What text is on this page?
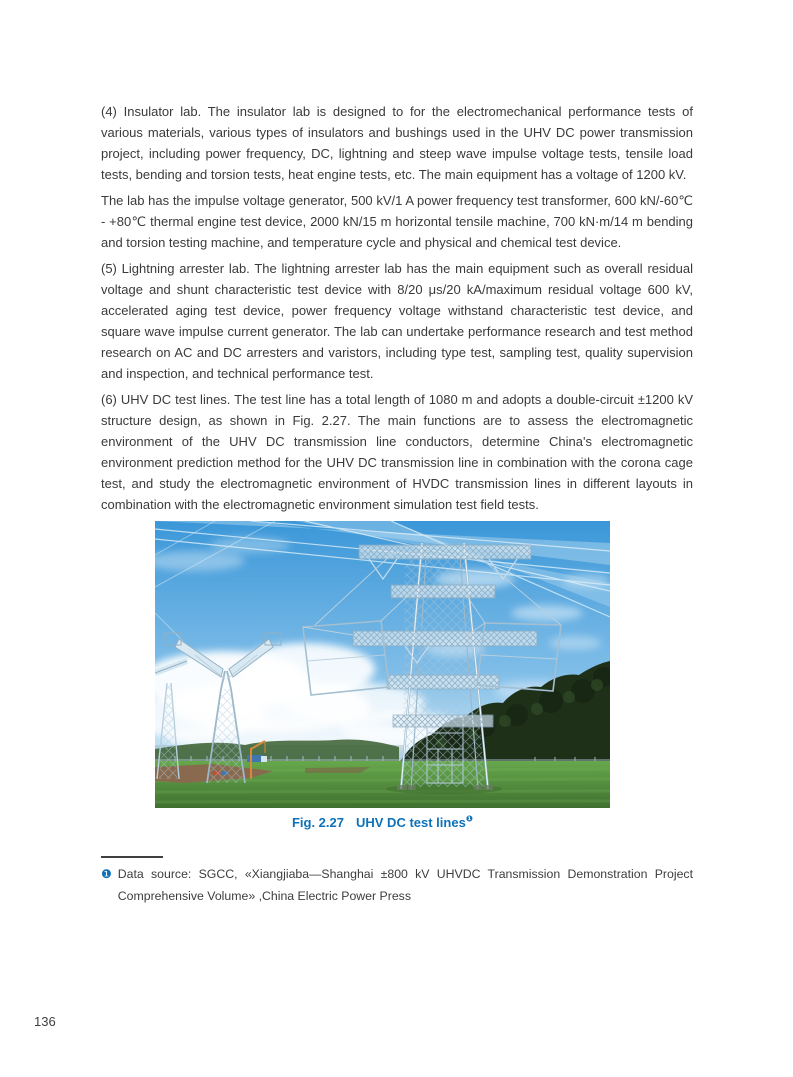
(4) Insulator lab. The insulator lab is designed to for the electromechanical performance tests of various materials, various types of insulators and bushings used in the UHV DC power transmission project, including power frequency, DC, lightning and steep wave impulse voltage tests, tensile load tests, bending and torsion tests, heat engine tests, etc. The main equipment has a voltage of 1200 kV.

The lab has the impulse voltage generator, 500 kV/1 A power frequency test transformer, 600 kN/-60℃ - +80℃ thermal engine test device, 2000 kN/15 m horizontal tensile machine, 700 kN·m/14 m bending and torsion testing machine, and temperature cycle and physical and chemical test device.

(5) Lightning arrester lab. The lightning arrester lab has the main equipment such as overall residual voltage and shunt characteristic test device with 8/20 μs/20 kA/maximum residual voltage 600 kV, accelerated aging test device, power frequency voltage withstand characteristic test device, and square wave impulse current generator. The lab can undertake performance research and test method research on AC and DC arresters and varistors, including type test, sampling test, quality supervision and inspection, and technical performance test.

(6) UHV DC test lines. The test line has a total length of 1080 m and adopts a double-circuit ±1200 kV structure design, as shown in Fig. 2.27. The main functions are to assess the electromagnetic environment of the UHV DC transmission line conductors, determine China's electromagnetic environment prediction method for the UHV DC transmission line in combination with the corona cage test, and study the electromagnetic environment of HVDC transmission lines in different layouts in combination with the electromagnetic environment simulation test field tests.

Fig. 2.27 UHV DC test lines$^❶$
❶ Data source: SGCC, «Xiangjiaba—Shanghai ±800 kV UHVDC Transmission Demonstration Project Comprehensive Volume» ,China Electric Power Press
136
